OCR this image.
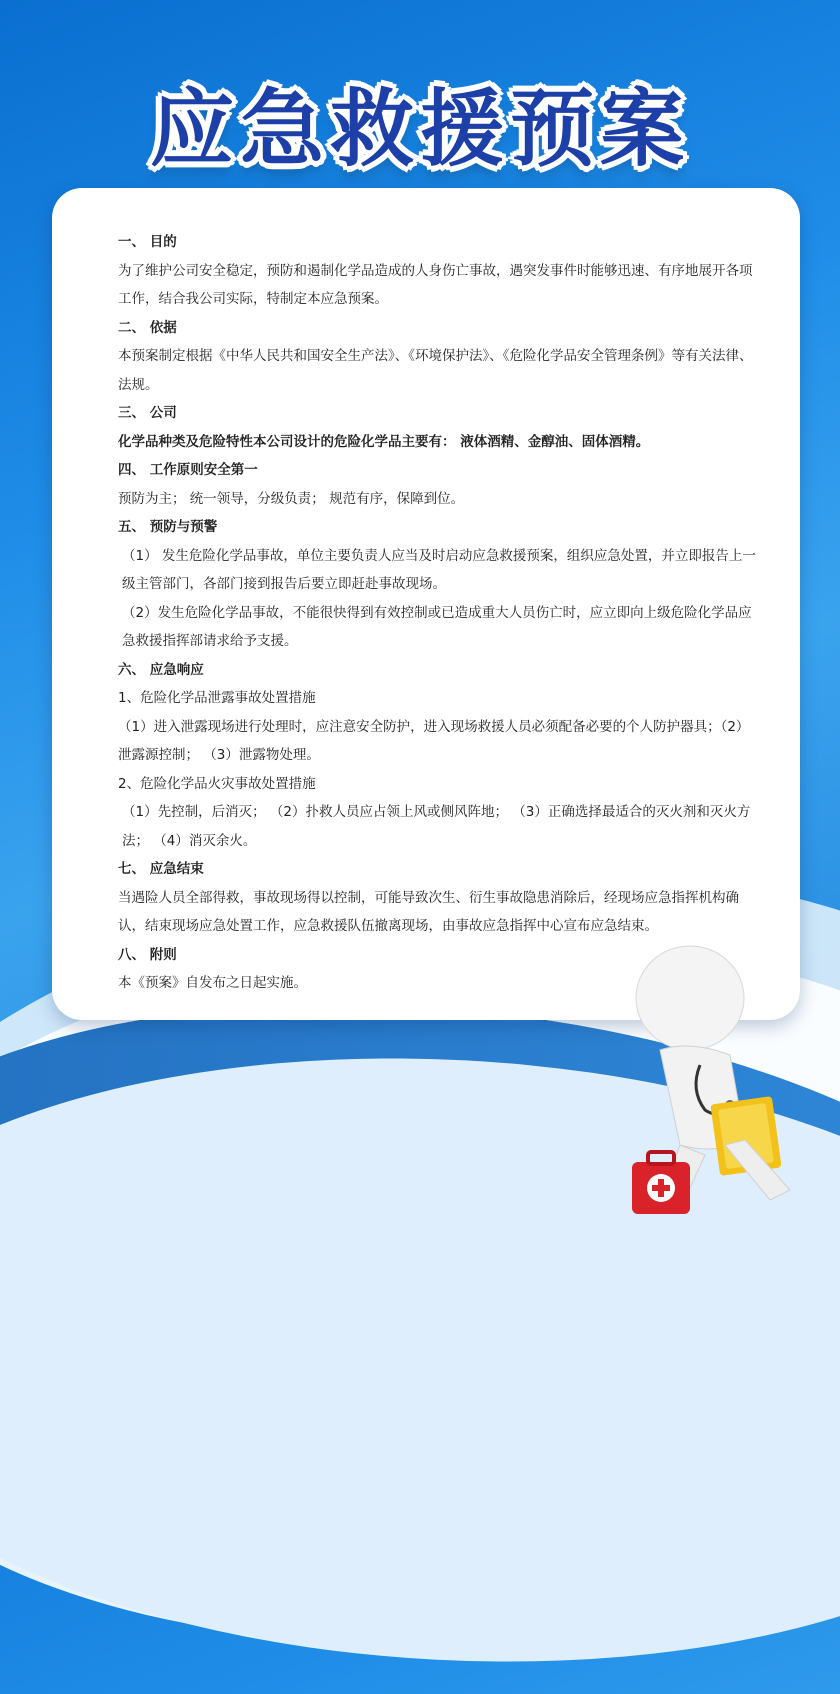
应急救援预案

一、 目的

为了维护公司安全稳定，预防和遏制化学品造成的人身伤亡事故，遇突发事件时能够迅速、有序地展开各项工作，结合我公司实际，特制定本应急预案。

二、 依据

本预案制定根据《中华人民共和国安全生产法》、《环境保护法》、《危险化学品安全管理条例》等有关法律、法规。

三、 公司

化学品种类及危险特性本公司设计的危险化学品主要有： 液体酒精、金醇油、固体酒精。

四、 工作原则安全第一

预防为主； 统一领导，分级负责； 规范有序，保障到位。

五、 预防与预警

（1） 发生危险化学品事故，单位主要负责人应当及时启动应急救援预案，组织应急处置，并立即报告上一级主管部门，各部门接到报告后要立即赶赴事故现场。

（2）发生危险化学品事故，不能很快得到有效控制或已造成重大人员伤亡时，应立即向上级危险化学品应急救援指挥部请求给予支援。

六、 应急响应

1、危险化学品泄露事故处置措施

（1）进入泄露现场进行处理时，应注意安全防护，进入现场救援人员必须配备必要的个人防护器具；（2）泄露源控制； （3）泄露物处理。

2、危险化学品火灾事故处置措施

（1）先控制，后消灭； （2）扑救人员应占领上风或侧风阵地； （3）正确选择最适合的灭火剂和灭火方法； （4）消灭余火。

七、 应急结束

当遇险人员全部得救，事故现场得以控制，可能导致次生、衍生事故隐患消除后，经现场应急指挥机构确认，结束现场应急处置工作，应急救援队伍撤离现场，由事故应急指挥中心宣布应急结束。

八、 附则

本《预案》自发布之日起实施。
